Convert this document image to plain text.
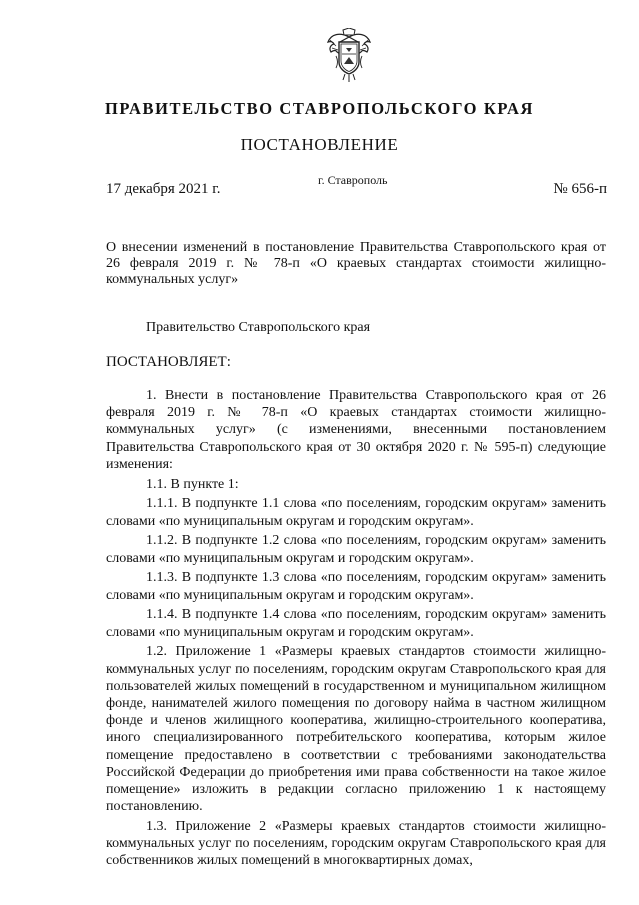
ПРАВИТЕЛЬСТВО СТАВРОПОЛЬСКОГО КРАЯ
ПОСТАНОВЛЕНИЕ
17 декабря 2021 г.
г. Ставрополь
№ 656-п
О внесении изменений в постановление Правительства Ставропольского края от 26 февраля 2019 г. № 78-п «О краевых стандартах стоимости жилищно-коммунальных услуг»
Правительство Ставропольского края
ПОСТАНОВЛЯЕТ:

1. Внести в постановление Правительства Ставропольского края от 26 февраля 2019 г. № 78-п «О краевых стандартах стоимости жилищно-коммунальных услуг» (с изменениями, внесенными постановлением Правительства Ставропольского края от 30 октября 2020 г. № 595-п) следующие изменения:

1.1. В пункте 1:

1.1.1. В подпункте 1.1 слова «по поселениям, городским округам» заменить словами «по муниципальным округам и городским округам».

1.1.2. В подпункте 1.2 слова «по поселениям, городским округам» заменить словами «по муниципальным округам и городским округам».

1.1.3. В подпункте 1.3 слова «по поселениям, городским округам» заменить словами «по муниципальным округам и городским округам».

1.1.4. В подпункте 1.4 слова «по поселениям, городским округам» заменить словами «по муниципальным округам и городским округам».

1.2. Приложение 1 «Размеры краевых стандартов стоимости жилищно-коммунальных услуг по поселениям, городским округам Ставропольского края для пользователей жилых помещений в государственном и муниципальном жилищном фонде, нанимателей жилого помещения по договору найма в частном жилищном фонде и членов жилищного кооператива, жилищно-строительного кооператива, иного специализированного потребительского кооператива, которым жилое помещение предоставлено в соответствии с требованиями законодательства Российской Федерации до приобретения ими права собственности на такое жилое помещение» изложить в редакции согласно приложению 1 к настоящему постановлению.

1.3. Приложение 2 «Размеры краевых стандартов стоимости жилищно-коммунальных услуг по поселениям, городским округам Ставропольского края для собственников жилых помещений в многоквартирных домах,
